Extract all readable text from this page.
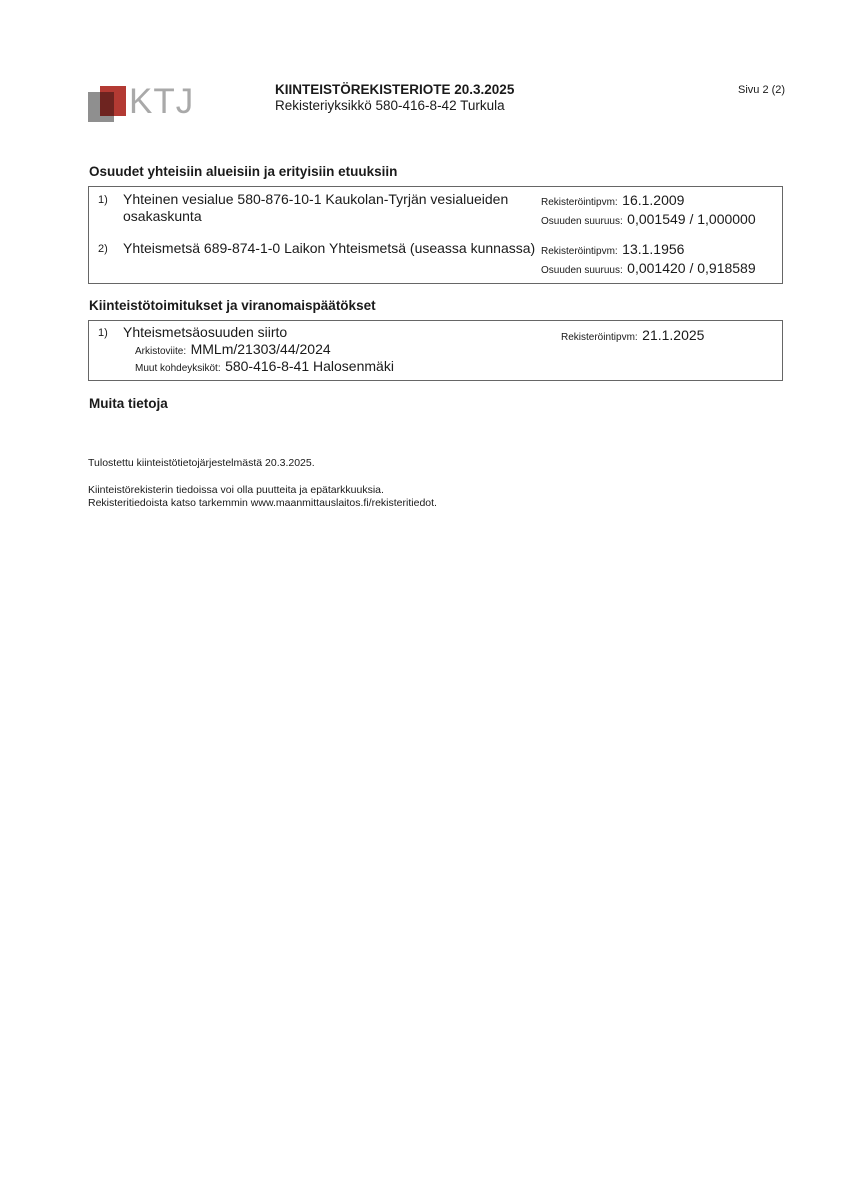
KTJ	KIINTEISTÖREKISTERIOTE 20.3.2025
Rekisteriyksikkö 580-416-8-42 Turkula
Sivu 2 (2)
Osuudet yhteisiin alueisiin ja erityisiin etuuksiin
1) Yhteinen vesialue 580-876-10-1 Kaukolan-Tyrjän vesialueiden
osakaskunta
Rekisteröintipvm: 16.1.2009
Osuuden suuruus: 0,001549 / 1,000000
2) Yhteismetsä 689-874-1-0 Laikon Yhteismetsä (useassa kunnassa) Rekisteröintipvm: 13.1.1956
Osuuden suuruus: 0,001420 / 0,918589
Kiinteistötoimitukset ja viranomaispäätökset
1) Yhteismetsäosuuden siirto
Arkistoviite: MMLm/21303/44/2024
Muut kohdeyksiköt: 580-416-8-41 Halosenmäki
Rekisteröintipvm: 21.1.2025
Muita tietoja
Tulostettu kiinteistötietojärjestelmästä 20.3.2025.
Kiinteistörekisterin tiedoissa voi olla puutteita ja epätarkkuuksia.
Rekisteritiedoista katso tarkemmin www.maanmittauslaitos.fi/rekisteritiedot.
